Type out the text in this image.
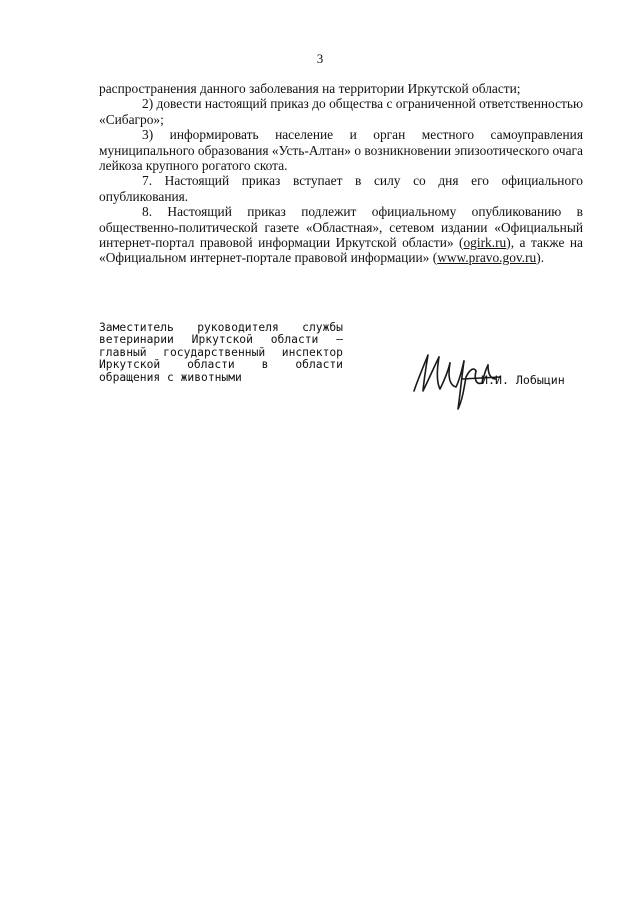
3

распространения данного заболевания на территории Иркутской области;

2) довести настоящий приказ до общества с ограниченной ответственностью «Сибагро»;

3) информировать население и орган местного самоуправления муниципального образования «Усть-Алтан» о возникновении эпизоотического очага лейкоза крупного рогатого скота.

7. Настоящий приказ вступает в силу со дня его официального опубликования.

8. Настоящий приказ подлежит официальному опубликованию в общественно-политической газете «Областная», сетевом издании «Официальный интернет-портал правовой информации Иркутской области» (ogirk.ru), а также на «Официальном интернет-портале правовой информации» (www.pravo.gov.ru).

Заместитель руководителя службы
ветеринарии Иркутской области –
главный государственный инспектор
Иркутской области в области
обращения с животными	И.И. Лобыцин
